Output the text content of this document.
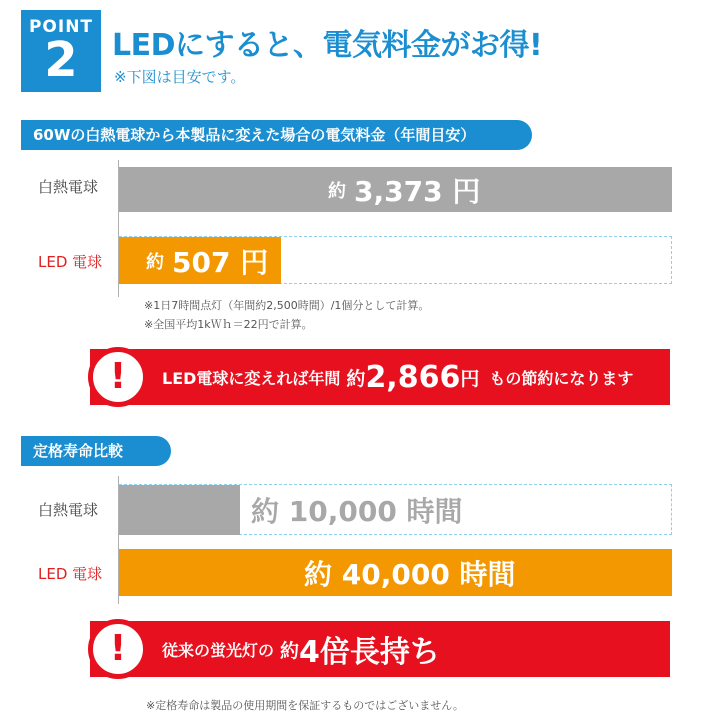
POINT
2	LEDにすると、電気料金がお得!
※下図は目安です。
60Wの白熱電球から本製品に変えた場合の電気料金（年間目安）
白熱電球	約 3,373 円
LED 電球 約 507 円
※1日7時間点灯（年間約2,500時間）/1個分として計算。
※全国平均1kＷｈ＝22円で計算。
! LED電球に変えれば年間 約 2,866 円 もの節約になります
定格寿命比較
白熱電球	約 10,000 時間
LED 電球	約 40,000 時間
! 従来の蛍光灯の 約 4倍長持ち
※定格寿命は製品の使用期間を保証するものではございません。
